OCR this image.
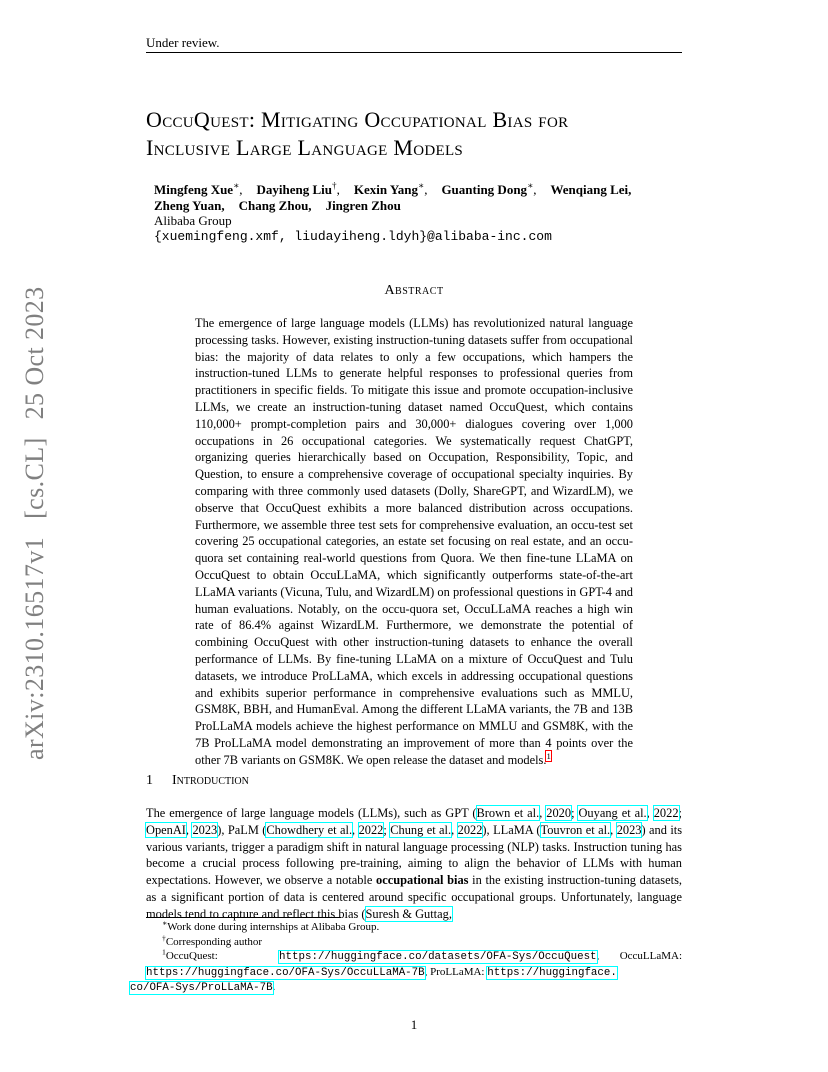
Under review.
OccuQuest: Mitigating Occupational Bias for
Inclusive Large Language Models
Mingfeng Xue∗, Dayiheng Liu†, Kexin Yang∗, Guanting Dong∗, Wenqiang Lei,
Zheng Yuan, Chang Zhou, Jingren Zhou
Alibaba Group
{xuemingfeng.xmf, liudayiheng.ldyh}@alibaba-inc.com
arXiv:2310.16517v1[cs.CL]25 Oct 2023	Abstract
The emergence of large language models (LLMs) has revolutionized natural language processing tasks. However, existing instruction-tuning datasets suffer from occupational bias: the majority of data relates to only a few occupations, which hampers the instruction-tuned LLMs to generate helpful responses to professional queries from practitioners in specific fields. To mitigate this issue and promote occupation-inclusive LLMs, we create an instruction-tuning dataset named OccuQuest, which contains 110,000+ prompt-completion pairs and 30,000+ dialogues covering over 1,000 occupations in 26 occupational categories. We systematically request ChatGPT, organizing queries hierarchically based on Occupation, Responsibility, Topic, and Question, to ensure a comprehensive coverage of occupational specialty inquiries. By comparing with three commonly used datasets (Dolly, ShareGPT, and WizardLM), we observe that OccuQuest exhibits a more balanced distribution across occupations. Furthermore, we assemble three test sets for comprehensive evaluation, an occu-test set covering 25 occupational categories, an estate set focusing on real estate, and an occu-quora set containing real-world questions from Quora. We then fine-tune LLaMA on OccuQuest to obtain OccuLLaMA, which significantly outperforms state-of-the-art LLaMA variants (Vicuna, Tulu, and WizardLM) on professional questions in GPT-4 and human evaluations. Notably, on the occu-quora set, OccuLLaMA reaches a high win rate of 86.4% against WizardLM. Furthermore, we demonstrate the potential of combining OccuQuest with other instruction-tuning datasets to enhance the overall performance of LLMs. By fine-tuning LLaMA on a mixture of OccuQuest and Tulu datasets, we introduce ProLLaMA, which excels in addressing occupational questions and exhibits superior performance in comprehensive evaluations such as MMLU, GSM8K, BBH, and HumanEval. Among the different LLaMA variants, the 7B and 13B ProLLaMA models achieve the highest performance on MMLU and GSM8K, with the 7B ProLLaMA model demonstrating an improvement of more than 4 points over the other 7B variants on GSM8K. We open release the dataset and models.$^1$
1 Introduction
The emergence of large language models (LLMs), such as GPT (Brown et al., 2020; Ouyang et al., 2022; OpenAI, 2023), PaLM (Chowdhery et al., 2022; Chung et al., 2022), LLaMA (Touvron et al., 2023) and its various variants, trigger a paradigm shift in natural language processing (NLP) tasks. Instruction tuning has become a crucial process following pre-training, aiming to align the behavior of LLMs with human expectations. However, we observe a notable occupational bias in the existing instruction-tuning datasets, as a significant portion of data is centered around specific occupational groups. Unfortunately, language models tend to capture and reflect this bias (Suresh & Guttag,
∗Work done during internships at Alibaba Group.
†Corresponding author
$^1$OccuQuest:	https://huggingface.co/datasets/OFA-Sys/OccuQuest, OccuLLaMA: https://huggingface.co/OFA-Sys/OccuLLaMA-7B, ProLLaMA: https://huggingface.
co/OFA-Sys/ProLLaMA-7B.
1
